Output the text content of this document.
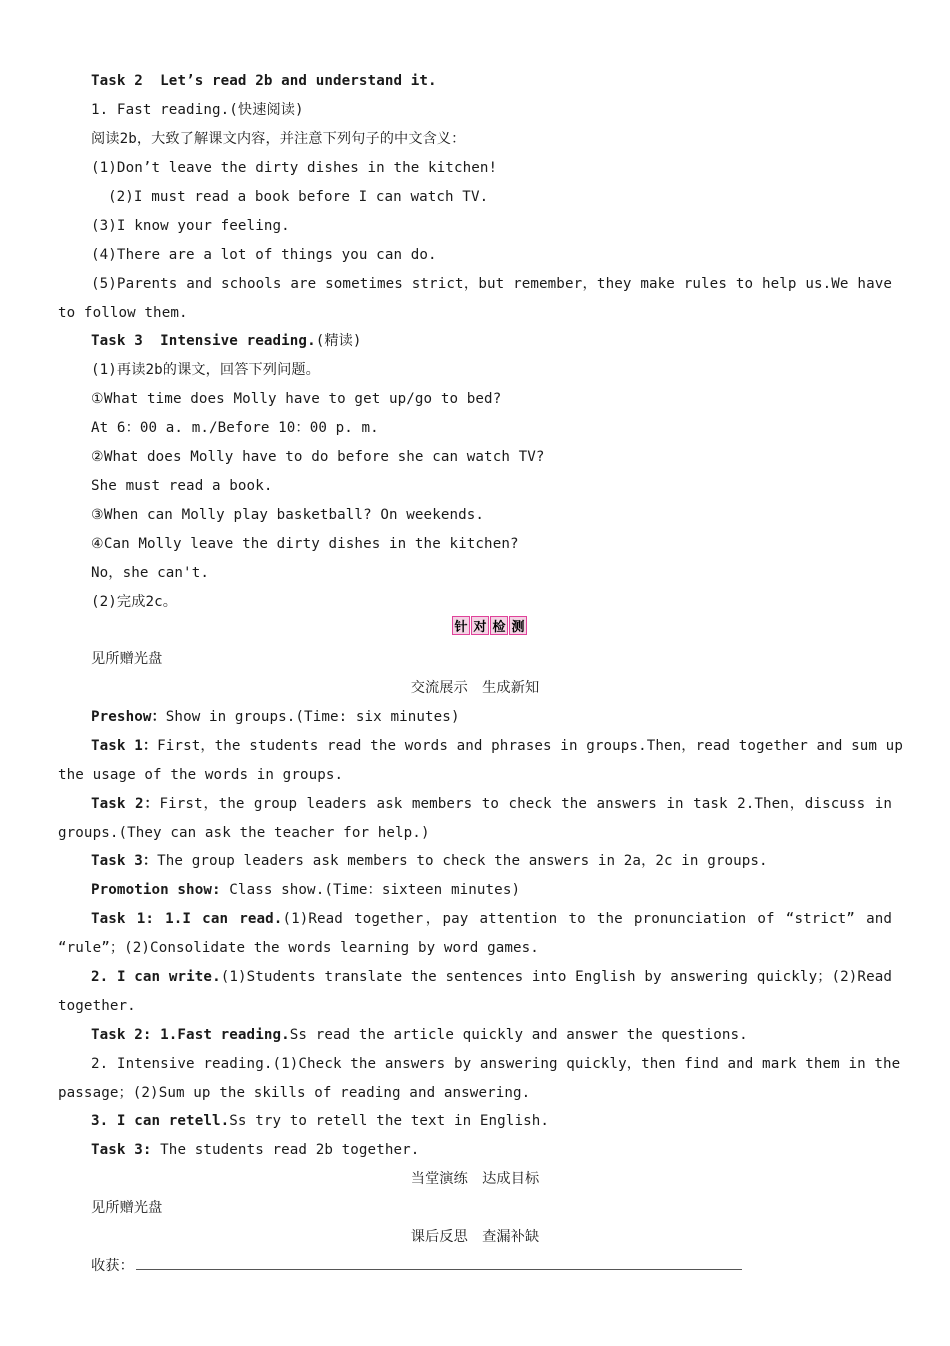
Task 2 Let’s read 2b and understand it.
1. Fast reading.(快速阅读)
阅读2b，大致了解课文内容，并注意下列句子的中文含义：
(1)Don’t leave the dirty dishes in the kitchen!
(2)I must read a book before I can watch TV.
(3)I know your feeling.
(4)There are a lot of things you can do.
(5)Parents and schools are sometimes strict，but remember，they make rules to help us.We have
to follow them.
Task 3 Intensive reading.(精读)
(1)再读2b的课文，回答下列问题。
①What time does Molly have to get up/go to bed?
At 6：00 a. m./Before 10：00 p. m.
②What does Molly have to do before she can watch TV?
She must read a book.
③When can Molly play basketball? On weekends.
④Can Molly leave the dirty dishes in the kitchen?
No，she can't.
(2)完成2c。
针 对 检 测
见所赠光盘
交流展示　生成新知
Preshow：Show in groups.(Time: six minutes)
Task 1：First，the students read the words and phrases in groups.Then，read together and sum up
the usage of the words in groups.
Task 2：First，the group leaders ask members to check the answers in task 2.Then，discuss in
groups.(They can ask the teacher for help.)
Task 3：The group leaders ask members to check the answers in 2a，2c in groups.
Promotion show: Class show.(Time：sixteen minutes)
Task 1: 1.I can read.(1)Read together，pay attention to the pronunciation of “strict” and
“rule”；(2)Consolidate the words learning by word games.
2. I can write.(1)Students translate the sentences into English by answering quickly；(2)Read
together.
Task 2: 1.Fast reading.Ss read the article quickly and answer the questions.
2. Intensive reading.(1)Check the answers by answering quickly，then find and mark them in the
passage；(2)Sum up the skills of reading and answering.
3. I can retell.Ss try to retell the text in English.
Task 3: The students read 2b together.
当堂演练　达成目标
见所赠光盘
课后反思　查漏补缺
收获：
